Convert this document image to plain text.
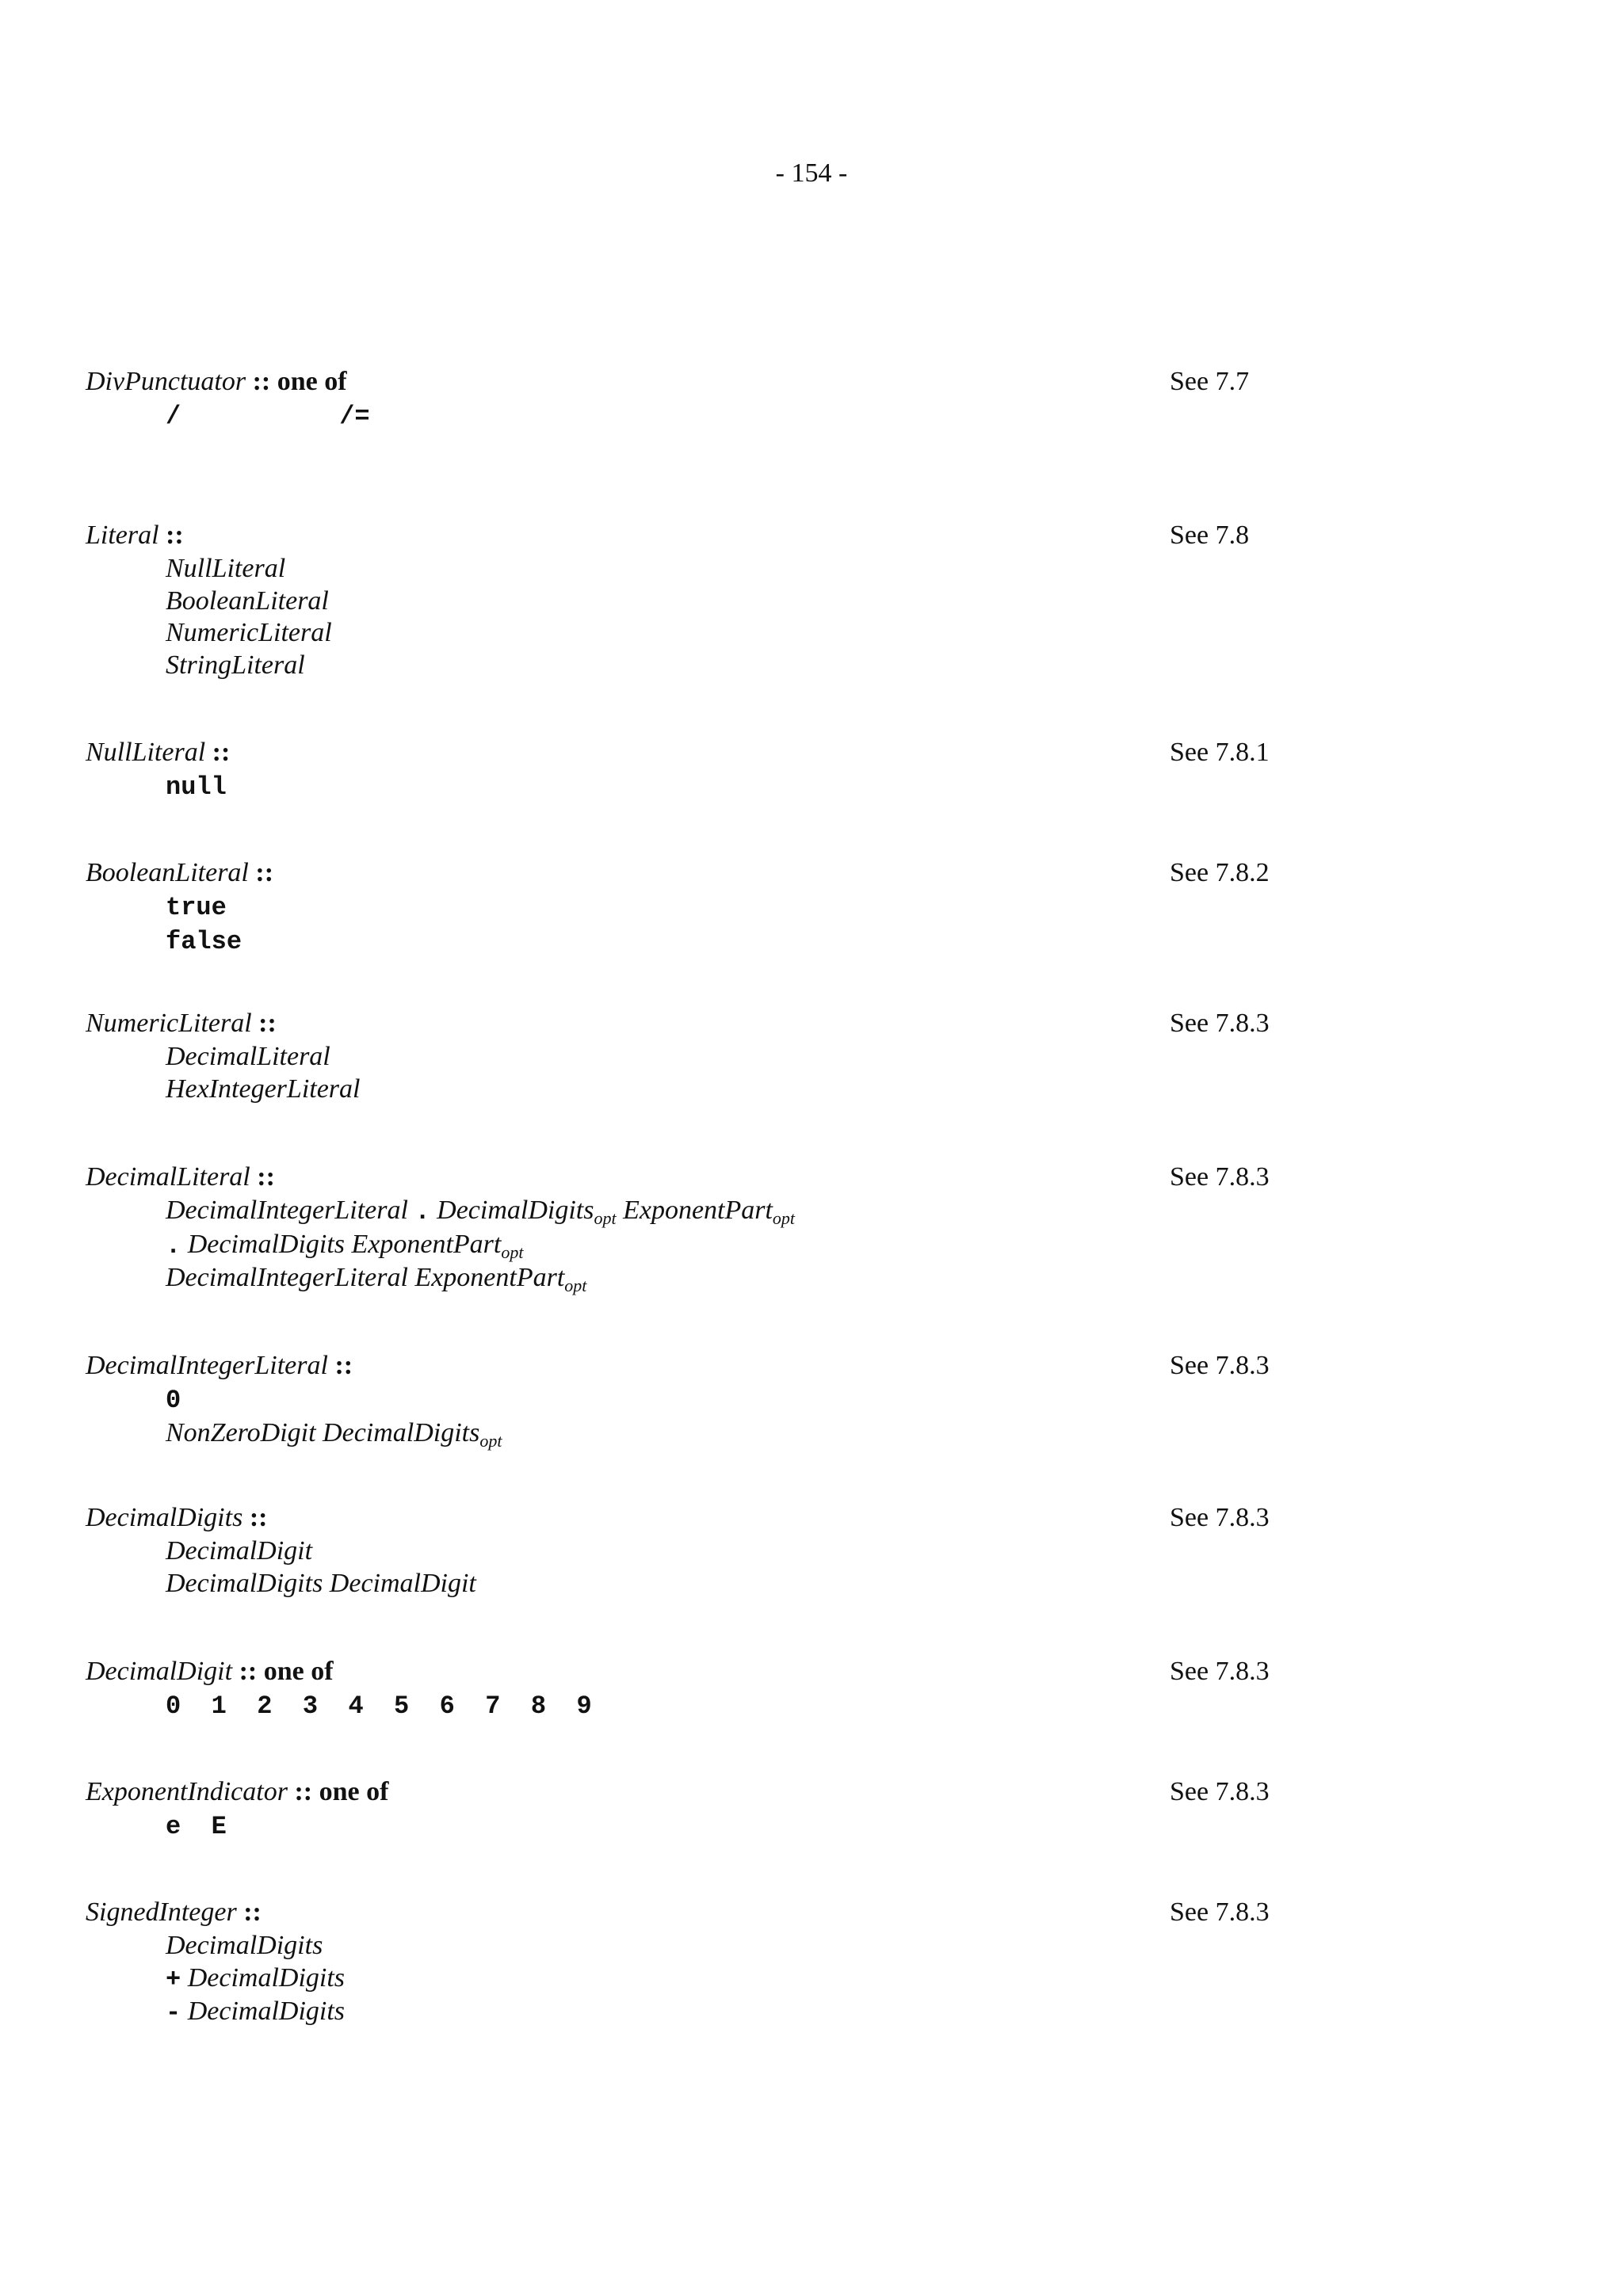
- 154 -
DivPunctuator :: one of	See 7.7
/	/=
Literal ::	See 7.8
NullLiteral
BooleanLiteral
NumericLiteral
StringLiteral
NullLiteral ::	See 7.8.1
null
BooleanLiteral ::	See 7.8.2
true
false
NumericLiteral ::	See 7.8.3
DecimalLiteral
HexIntegerLiteral
DecimalLiteral ::	See 7.8.3
DecimalIntegerLiteral . DecimalDigits$_{opt}$ ExponentPart$_{opt}$
. DecimalDigits ExponentPart$_{opt}$
DecimalIntegerLiteral ExponentPart$_{opt}$
DecimalIntegerLiteral ::	See 7.8.3
0
NonZeroDigit DecimalDigits$_{opt}$
DecimalDigits ::	See 7.8.3
DecimalDigit
DecimalDigits DecimalDigit
DecimalDigit :: one of	See 7.8.3
0  1  2  3  4  5  6  7  8  9
ExponentIndicator :: one of	See 7.8.3
e  E
SignedInteger ::	See 7.8.3
DecimalDigits
+ DecimalDigits
- DecimalDigits
